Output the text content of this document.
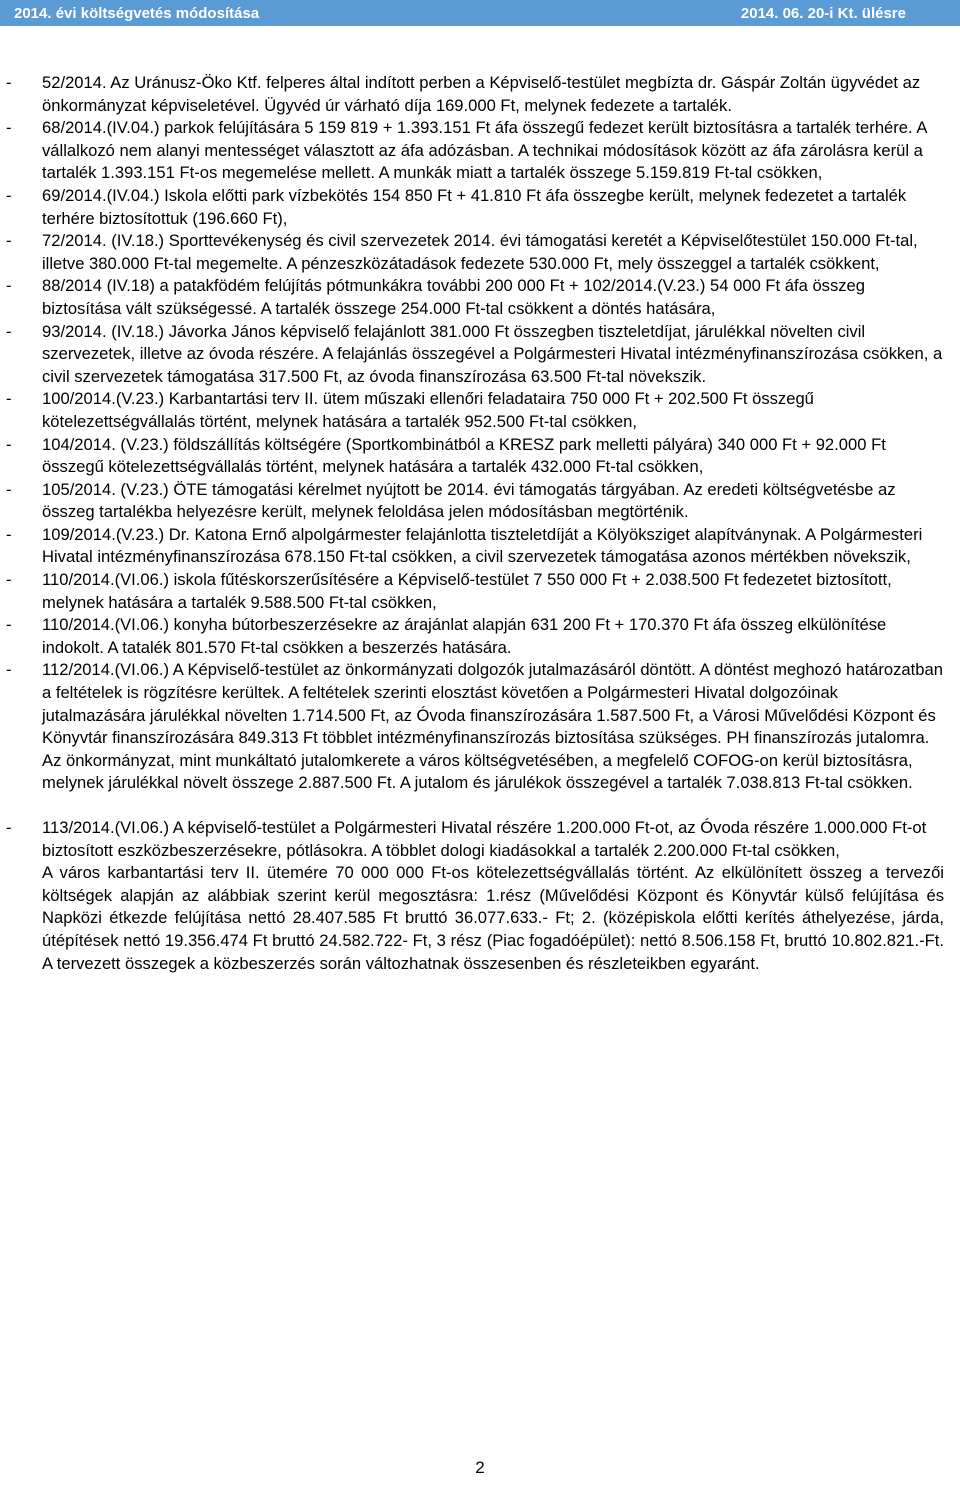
2014. évi költségvetés módosítása	2014. 06. 20-i Kt. ülésre
-	52/2014. Az Uránusz-Öko Ktf. felperes által indított perben a Képviselő-testület megbízta dr. Gáspár Zoltán ügyvédet az önkormányzat képviseletével. Ügyvéd úr várható díja 169.000 Ft, melynek fedezete a tartalék.
-	68/2014.(IV.04.) parkok felújítására 5 159 819 + 1.393.151 Ft áfa összegű fedezet került biztosításra a tartalék terhére. A vállalkozó nem alanyi mentességet választott az áfa adózásban. A technikai módosítások között az áfa zárolásra kerül a tartalék 1.393.151 Ft-os megemelése mellett. A munkák miatt a tartalék összege 5.159.819 Ft-tal csökken,
-	69/2014.(IV.04.) Iskola előtti park vízbekötés 154 850 Ft + 41.810 Ft áfa összegbe került, melynek fedezetet a tartalék terhére biztosítottuk (196.660 Ft),
-	72/2014. (IV.18.) Sporttevékenység és civil szervezetek 2014. évi támogatási keretét a Képviselőtestület 150.000 Ft-tal, illetve 380.000 Ft-tal megemelte. A pénzeszközátadások fedezete 530.000 Ft, mely összeggel a tartalék csökkent,
-	88/2014 (IV.18) a patakfödém felújítás pótmunkákra további 200 000 Ft + 102/2014.(V.23.) 54 000 Ft áfa összeg biztosítása vált szükségessé. A tartalék összege 254.000 Ft-tal csökkent a döntés hatására,
-	93/2014. (IV.18.) Jávorka János képviselő felajánlott 381.000 Ft összegben tiszteletdíjat, járulékkal növelten civil szervezetek, illetve az óvoda részére. A felajánlás összegével a Polgármesteri Hivatal intézményfinanszírozása csökken, a civil szervezetek támogatása 317.500 Ft, az óvoda finanszírozása 63.500 Ft-tal növekszik.
-	100/2014.(V.23.) Karbantartási terv II. ütem műszaki ellenőri feladataira 750 000 Ft + 202.500 Ft összegű kötelezettségvállalás történt, melynek hatására a tartalék 952.500 Ft-tal csökken,
-	104/2014. (V.23.) földszállítás költségére (Sportkombinátból a KRESZ park melletti pályára) 340 000 Ft + 92.000 Ft összegű kötelezettségvállalás történt, melynek hatására a tartalék 432.000 Ft-tal csökken,
-	105/2014. (V.23.) ÖTE támogatási kérelmet nyújtott be 2014. évi támogatás tárgyában. Az eredeti költségvetésbe az összeg tartalékba helyezésre került, melynek feloldása jelen módosításban megtörténik.
-	109/2014.(V.23.) Dr. Katona Ernő alpolgármester felajánlotta tiszteletdíját a Kölyöksziget alapítványnak. A Polgármesteri Hivatal intézményfinanszírozása 678.150 Ft-tal csökken, a civil szervezetek támogatása azonos mértékben növekszik,
-	110/2014.(VI.06.) iskola fűtéskorszerűsítésére a Képviselő-testület 7 550 000 Ft + 2.038.500 Ft fedezetet biztosított, melynek hatására a tartalék 9.588.500 Ft-tal csökken,
-	110/2014.(VI.06.) konyha bútorbeszerzésekre az árajánlat alapján 631 200 Ft + 170.370 Ft áfa összeg elkülönítése indokolt. A tatalék 801.570 Ft-tal csökken a beszerzés hatására.
-	112/2014.(VI.06.) A Képviselő-testület az önkormányzati dolgozók jutalmazásáról döntött. A döntést meghozó határozatban a feltételek is rögzítésre kerültek. A feltételek szerinti elosztást követően a Polgármesteri Hivatal dolgozóinak jutalmazására járulékkal növelten 1.714.500 Ft, az Óvoda finanszírozására 1.587.500 Ft, a Városi Művelődési Központ és Könyvtár finanszírozására 849.313 Ft többlet intézményfinanszírozás biztosítása szükséges. PH finanszírozás jutalomra. Az önkormányzat, mint munkáltató jutalomkerete a város költségvetésében, a megfelelő COFOG-on kerül biztosításra, melynek járulékkal növelt összege 2.887.500 Ft. A jutalom és járulékok összegével a tartalék 7.038.813 Ft-tal csökken.
-	113/2014.(VI.06.) A képviselő-testület a Polgármesteri Hivatal részére 1.200.000 Ft-ot, az Óvoda részére 1.000.000 Ft-ot biztosított eszközbeszerzésekre, pótlásokra. A többlet dologi kiadásokkal a tartalék 2.200.000 Ft-tal csökken,
A város karbantartási terv II. ütemére 70 000 000 Ft-os kötelezettségvállalás történt. Az elkülönített összeg a tervezői költségek alapján az alábbiak szerint kerül megosztásra: 1.rész (Művelődési Központ és Könyvtár külső felújítása és Napközi étkezde felújítása nettó 28.407.585 Ft bruttó 36.077.633.- Ft; 2. (középiskola előtti kerítés áthelyezése, járda, útépítések nettó 19.356.474 Ft bruttó 24.582.722- Ft, 3 rész (Piac fogadóépület): nettó 8.506.158 Ft, bruttó 10.802.821.-Ft. A tervezett összegek a közbeszerzés során változhatnak összesenben és részleteikben egyaránt.
2
